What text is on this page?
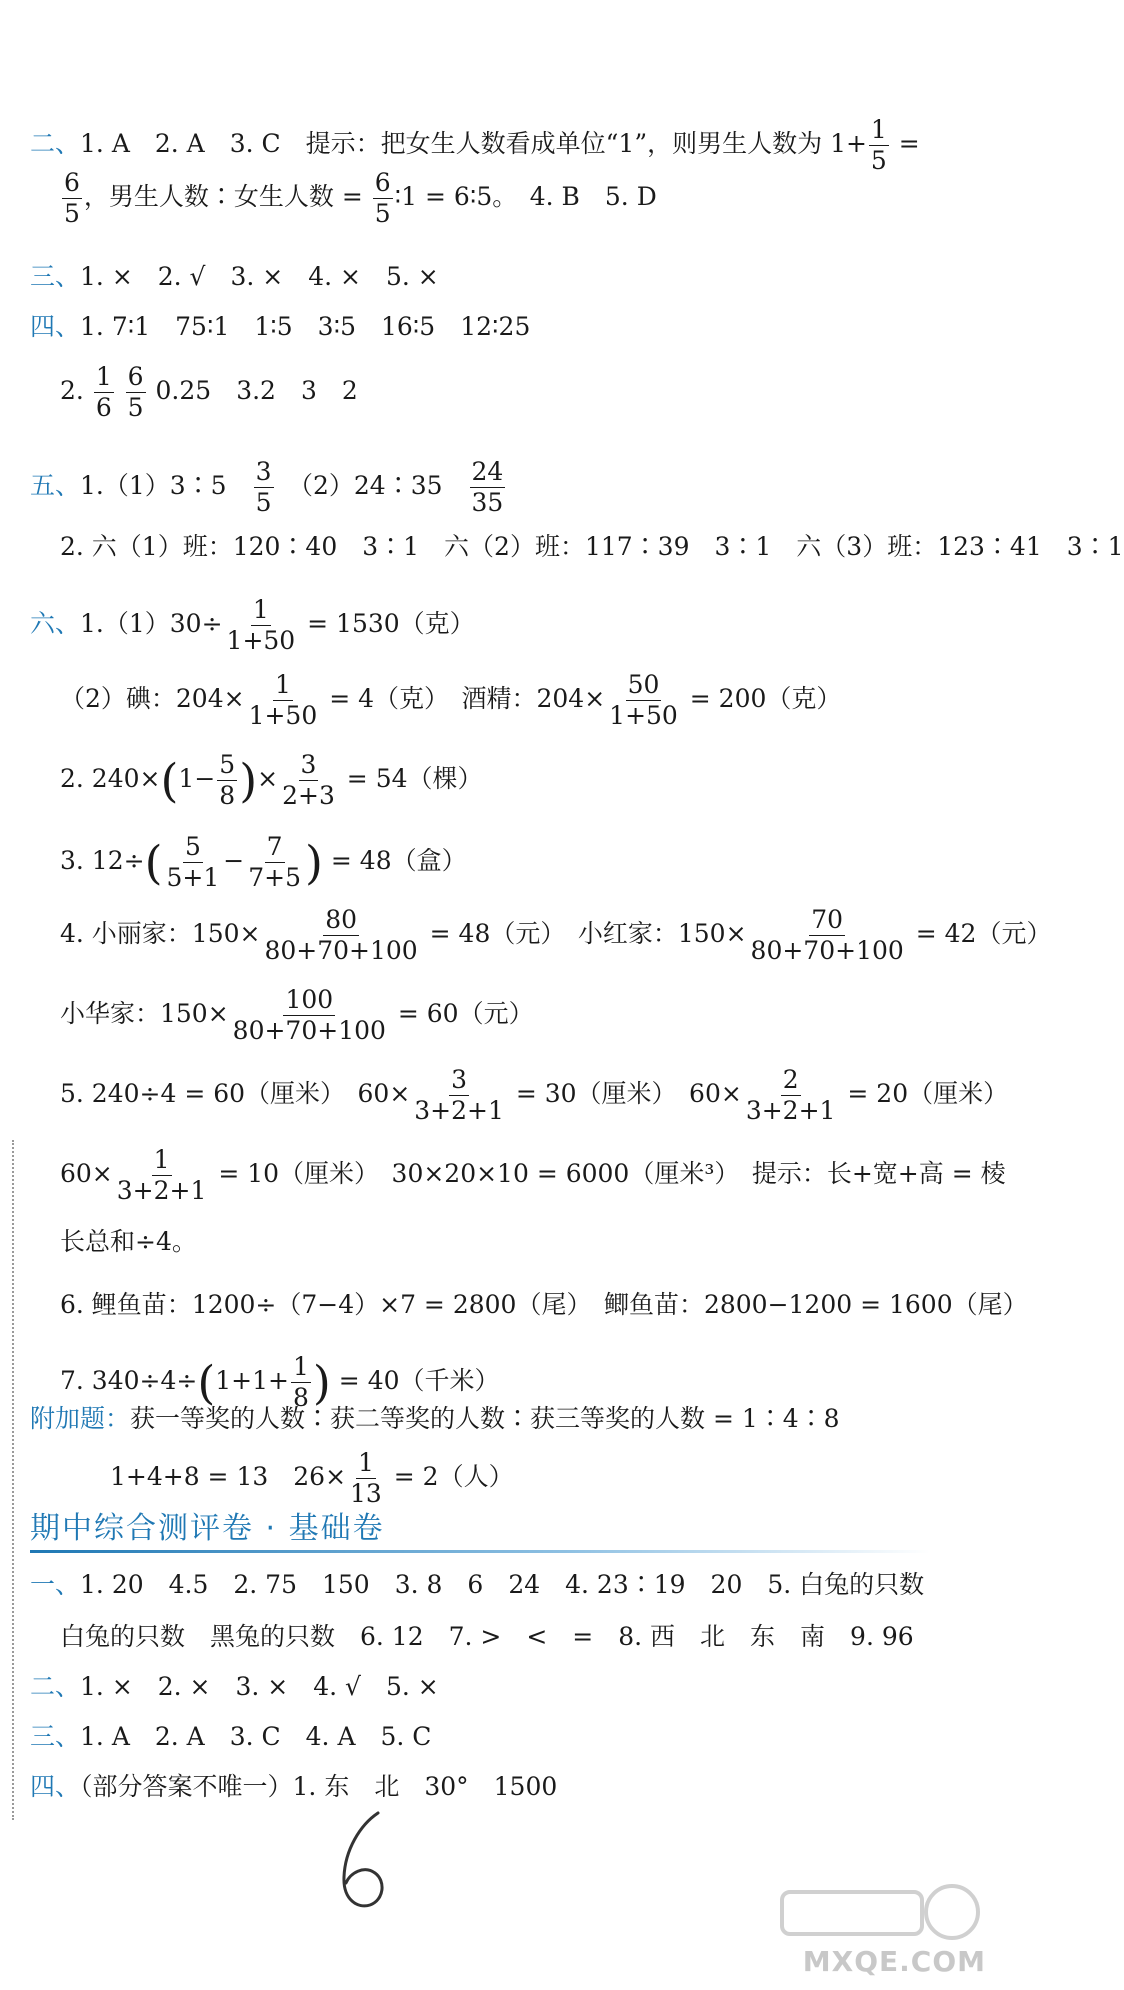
二、1. A　2. A　3. C　提示：把女生人数看成单位“1”，则男生人数为 $1+ \frac{1}{5}$ =
$\frac{6}{5}$ ，男生人数∶女生人数 = $\frac{6}{5}$ ∶1 = 6∶5。　4. B　5. D
三、1. ×　2. √　3. ×　4. ×　5. ×
四、1. 7∶1　75∶1　1∶5　3∶5　16∶5　12∶25
2. $\frac{1}{6}$
$\frac{6}{5} 0.25$　3.2　3　2
五、1.（1）3∶5　 $\frac{3}{5}$ 　（2）24∶35　 $\frac{24}{35}$
2. 六（1）班：120∶40　3∶1　六（2）班：117∶39　3∶1　六（3）班：123∶41　3∶1
六、$1.(1)30\div \frac{1}{1+50} = 1530$（克）
（2）碘：$204\times \frac{1}{1+50} = 4$（克）　酒精：$204\times \frac{50}{1+50} = 200$（克）
2. $240\times(1- \frac{5}{8}$ )× $\frac{3}{2+3} = 54$（棵）
3. $12\div( \frac{5}{5+1} - \frac{7}{7+5}$ ) = 48（盒）
4. 小丽家：$150\times \frac{80}{80+70+100} = 48$（元）　小红家：$150\times \frac{70}{80+70+100} = 42$（元）
小华家：$150\times \frac{100}{80+70+100} = 60$（元）
5. 240÷4 = 60（厘米）　$60\times \frac{3}{3+2+1} = 30$（厘米）　$60\times \frac{2}{3+2+1} = 20$（厘米）
$60\times \frac{1}{3+2+1} = 10$（厘米）　30×20×10 = 6000（厘米³）　提示：长+宽+高 = 棱
长总和÷4。
6. 鲤鱼苗：1200÷（7−4）×7 = 2800（尾）　鲫鱼苗：2800−1200 = 1600（尾）
7. $340\div 4\div(1+1+ \frac{1}{8}$ ) = 40（千米）
附加题：获一等奖的人数∶获二等奖的人数∶获三等奖的人数 = 1∶4∶8
1+4+8 = 13　$26\times \frac{1}{13} = 2$（人）
期中综合测评卷 · 基础卷
一、1. 20　4.5　2. 75　150　3. 8　6　24　4. 23∶19　20　5. 白兔的只数
白兔的只数　黑兔的只数　6. 12　7. >　<　=　8. 西　北　东　南　9. 96
二、1. ×　2. ×　3. ×　4. √　5. ×
三、1. A　2. A　3. C　4. A　5. C
四、（部分答案不唯一）1. 东　北　30°　1500
MXQE.COM
